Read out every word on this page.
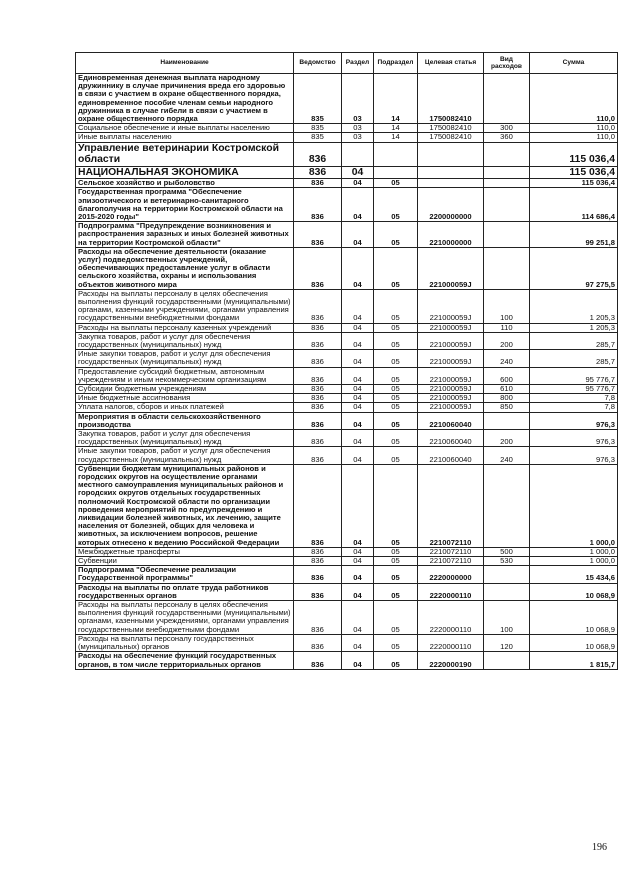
Наименование	Ведомство	Раздел	Подраздел	Целевая статья	Вид расходов	Сумма
Единовременная денежная выплата народному дружиннику в случае причинения вреда его здоровью в связи с участием в охране общественного порядка, единовременное пособие членам семьи народного дружинника в случае гибели в связи с участием в охране общественного порядка	835	03	14	1750082410		110,0
Социальное обеспечение и иные выплаты населению	835	03	14	1750082410	300	110,0
Иные выплаты населению	835	03	14	1750082410	360	110,0
Управление ветеринарии Костромской области	836					115 036,4
НАЦИОНАЛЬНАЯ ЭКОНОМИКА	836	04				115 036,4
Сельское хозяйство и рыболовство	836	04	05			115 036,4
Государственная программа "Обеспечение эпизоотического и ветеринарно-санитарного благополучия на территории Костромской области на 2015-2020 годы"	836	04	05	2200000000		114 686,4
Подпрограмма "Предупреждение возникновения и распространения заразных и иных болезней животных на территории Костромской области"	836	04	05	2210000000		99 251,8
Расходы на обеспечение деятельности (оказание услуг) подведомственных учреждений, обеспечивающих предоставление услуг в области сельского хозяйства, охраны и использования объектов животного мира	836	04	05	221000059J		97 275,5
Расходы на выплаты персоналу в целях обеспечения выполнения функций государственными (муниципальными) органами, казенными учреждениями, органами управления государственными внебюджетными фондами	836	04	05	221000059J	100	1 205,3
Расходы на выплаты персоналу казенных учреждений	836	04	05	221000059J	110	1 205,3
Закупка товаров, работ и услуг для обеспечения государственных (муниципальных) нужд	836	04	05	221000059J	200	285,7
Иные закупки товаров, работ и услуг для обеспечения государственных (муниципальных) нужд	836	04	05	221000059J	240	285,7
Предоставление субсидий бюджетным, автономным учреждениям и иным некоммерческим организациям	836	04	05	221000059J	600	95 776,7
Субсидии бюджетным учреждениям	836	04	05	221000059J	610	95 776,7
Иные бюджетные ассигнования	836	04	05	221000059J	800	7,8
Уплата налогов, сборов и иных платежей	836	04	05	221000059J	850	7,8
Мероприятия в области сельскохозяйственного производства	836	04	05	2210060040		976,3
Закупка товаров, работ и услуг для обеспечения государственных (муниципальных) нужд	836	04	05	2210060040	200	976,3
Иные закупки товаров, работ и услуг для обеспечения государственных (муниципальных) нужд	836	04	05	2210060040	240	976,3
Субвенции бюджетам муниципальных районов и городских округов на осуществление органами местного самоуправления муниципальных районов и городских округов отдельных государственных полномочий Костромской области по организации проведения мероприятий по предупреждению и ликвидации болезней животных, их лечению, защите населения от болезней, общих для человека и животных, за исключением вопросов, решение которых отнесено к ведению Российской Федерации	836	04	05	2210072110		1 000,0
Межбюджетные трансферты	836	04	05	2210072110	500	1 000,0
Субвенции	836	04	05	2210072110	530	1 000,0
Подпрограмма "Обеспечение реализации Государственной программы"	836	04	05	2220000000		15 434,6
Расходы на выплаты по оплате труда работников государственных органов	836	04	05	2220000110		10 068,9
Расходы на выплаты персоналу в целях обеспечения выполнения функций государственными (муниципальными) органами, казенными учреждениями, органами управления государственными внебюджетными фондами	836	04	05	2220000110	100	10 068,9
Расходы на выплаты персоналу государственных (муниципальных) органов	836	04	05	2220000110	120	10 068,9
Расходы на обеспечение функций государственных органов, в том числе территориальных органов	836	04	05	2220000190		1 815,7
196
